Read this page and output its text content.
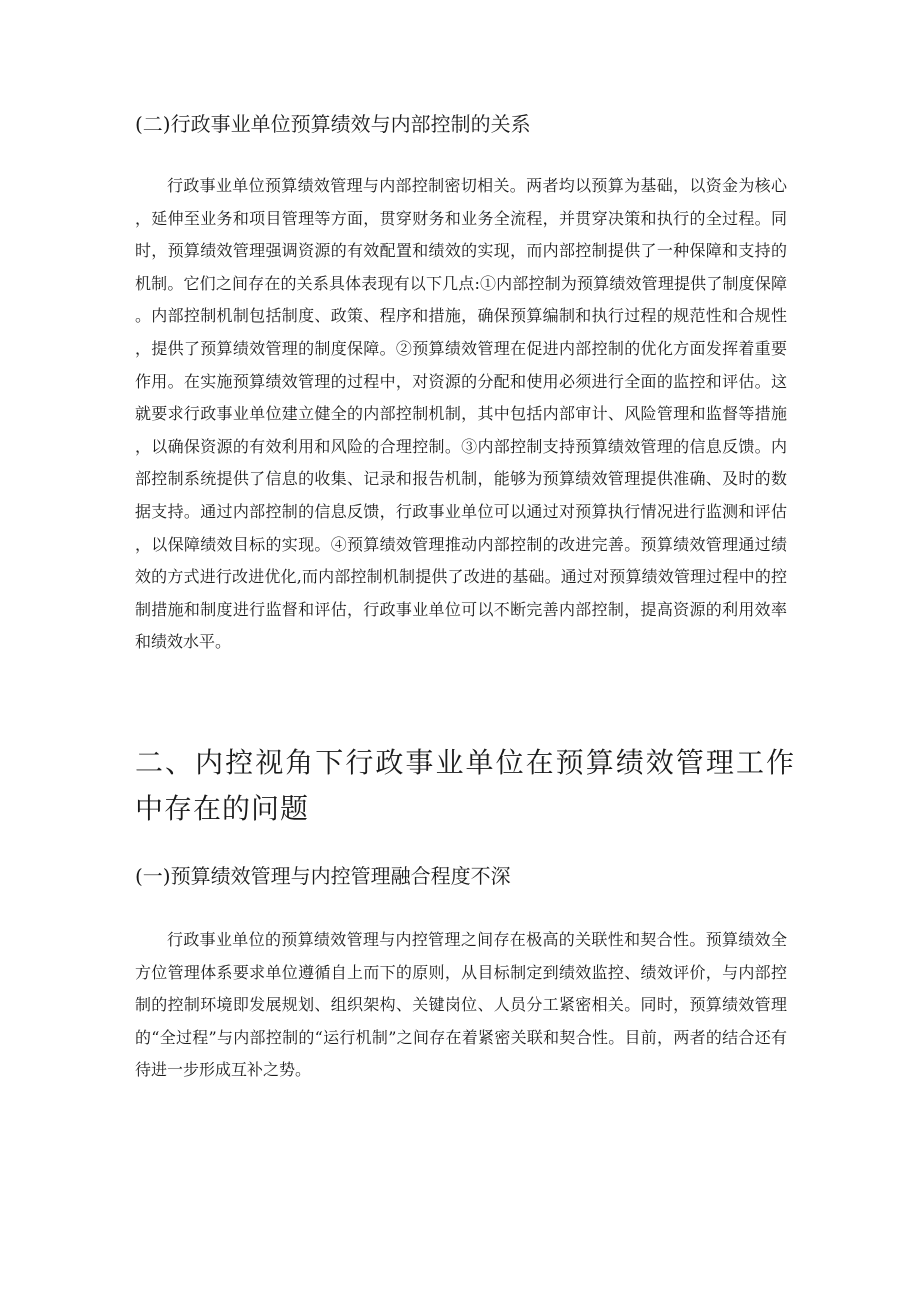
(二)行政事业单位预算绩效与内部控制的关系

行政事业单位预算绩效管理与内部控制密切相关。两者均以预算为基础，以资金为核心，延伸至业务和项目管理等方面，贯穿财务和业务全流程，并贯穿决策和执行的全过程。同时，预算绩效管理强调资源的有效配置和绩效的实现，而内部控制提供了一种保障和支持的机制。它们之间存在的关系具体表现有以下几点:①内部控制为预算绩效管理提供了制度保障。内部控制机制包括制度、政策、程序和措施，确保预算编制和执行过程的规范性和合规性，提供了预算绩效管理的制度保障。②预算绩效管理在促进内部控制的优化方面发挥着重要作用。在实施预算绩效管理的过程中，对资源的分配和使用必须进行全面的监控和评估。这就要求行政事业单位建立健全的内部控制机制，其中包括内部审计、风险管理和监督等措施，以确保资源的有效利用和风险的合理控制。③内部控制支持预算绩效管理的信息反馈。内部控制系统提供了信息的收集、记录和报告机制，能够为预算绩效管理提供准确、及时的数据支持。通过内部控制的信息反馈，行政事业单位可以通过对预算执行情况进行监测和评估，以保障绩效目标的实现。④预算绩效管理推动内部控制的改进完善。预算绩效管理通过绩效的方式进行改进优化,而内部控制机制提供了改进的基础。通过对预算绩效管理过程中的控制措施和制度进行监督和评估，行政事业单位可以不断完善内部控制，提高资源的利用效率和绩效水平。

二、内控视角下行政事业单位在预算绩效管理工作中存在的问题
(一)预算绩效管理与内控管理融合程度不深

行政事业单位的预算绩效管理与内控管理之间存在极高的关联性和契合性。预算绩效全方位管理体系要求单位遵循自上而下的原则，从目标制定到绩效监控、绩效评价，与内部控制的控制环境即发展规划、组织架构、关键岗位、人员分工紧密相关。同时，预算绩效管理的“全过程”与内部控制的“运行机制”之间存在着紧密关联和契合性。目前，两者的结合还有待进一步形成互补之势。
